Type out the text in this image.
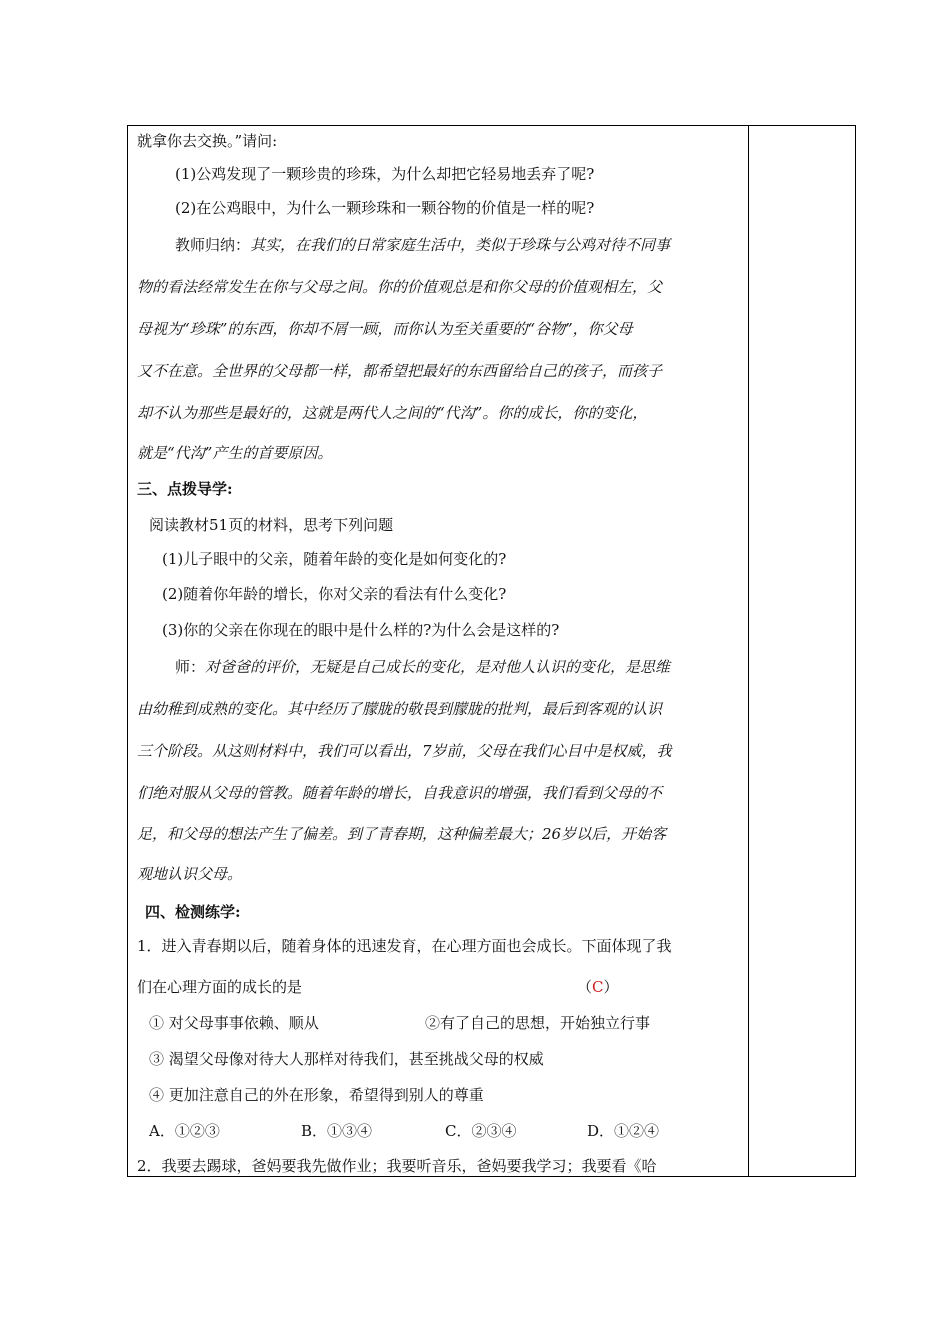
就拿你去交换。”请问:
(1)公鸡发现了一颗珍贵的珍珠，为什么却把它轻易地丢弃了呢?
(2)在公鸡眼中，为什么一颗珍珠和一颗谷物的价值是一样的呢?
教师归纳：其实，在我们的日常家庭生活中，类似于珍珠与公鸡对待不同事
物的看法经常发生在你与父母之间。你的价值观总是和你父母的价值观相左，父
母视为“珍珠”的东西，你却不屑一顾，而你认为至关重要的“谷物”，你父母
又不在意。全世界的父母都一样，都希望把最好的东西留给自己的孩子，而孩子
却不认为那些是最好的，这就是两代人之间的“代沟”。你的成长，你的变化，
就是“代沟”产生的首要原因。
三、点拨导学:
阅读教材51页的材料，思考下列问题
(1)儿子眼中的父亲，随着年龄的变化是如何变化的?
(2)随着你年龄的增长，你对父亲的看法有什么变化?
(3)你的父亲在你现在的眼中是什么样的?为什么会是这样的?
师：对爸爸的评价，无疑是自己成长的变化，是对他人认识的变化，是思维
由幼稚到成熟的变化。其中经历了朦胧的敬畏到朦胧的批判，最后到客观的认识
三个阶段。从这则材料中，我们可以看出，7岁前，父母在我们心目中是权威，我
们绝对服从父母的管教。随着年龄的增长，自我意识的增强，我们看到父母的不
足，和父母的想法产生了偏差。到了青春期，这种偏差最大；26岁以后，开始客
观地认识父母。
四、检测练学:
1．进入青春期以后，随着身体的迅速发育，在心理方面也会成长。下面体现了我
们在心理方面的成长的是	（C）
① 对父母事事依赖、顺从	②有了自己的思想，开始独立行事
③ 渴望父母像对待大人那样对待我们，甚至挑战父母的权威
④ 更加注意自己的外在形象，希望得到别人的尊重
A．①②③	B．①③④	C．②③④	D．①②④
2．我要去踢球，爸妈要我先做作业；我要听音乐，爸妈要我学习；我要看《哈
